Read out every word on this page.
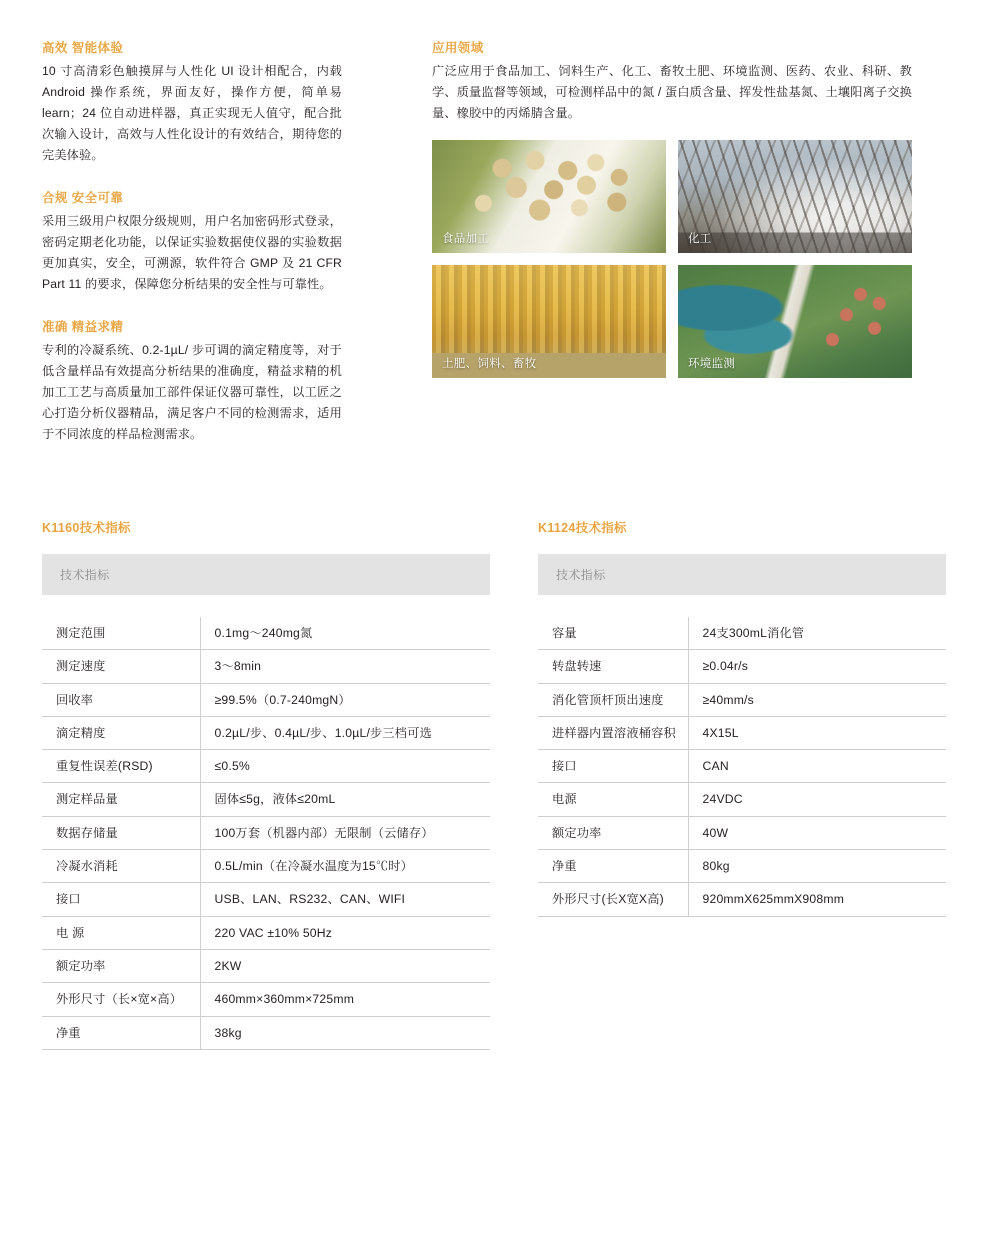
高效 智能体验

10 寸高清彩色触摸屏与人性化 UI 设计相配合，内载 Android 操作系统，界面友好，操作方便，简单易learn；24 位自动进样器，真正实现无人值守，配合批次输入设计，高效与人性化设计的有效结合，期待您的完美体验。

合规 安全可靠

采用三级用户权限分级规则，用户名加密码形式登录，密码定期老化功能，以保证实验数据使仪器的实验数据更加真实，安全，可溯源，软件符合 GMP 及 21 CFR Part 11 的要求，保障您分析结果的安全性与可靠性。

准确 精益求精

专利的冷凝系统、0.2-1µL/ 步可调的滴定精度等，对于低含量样品有效提高分析结果的准确度，精益求精的机加工工艺与高质量加工部件保证仪器可靠性，以工匠之心打造分析仪器精品，满足客户不同的检测需求，适用于不同浓度的样品检测需求。

应用领域

广泛应用于食品加工、饲料生产、化工、畜牧土肥、环境监测、医药、农业、科研、教学、质量监督等领域，可检测样品中的氮 / 蛋白质含量、挥发性盐基氮、土壤阳离子交换量、橡胶中的丙烯腈含量。

食品加工	化工
土肥、饲料、畜牧	环境监测
K1160技术指标
技术指标
测定范围	0.1mg～240mg氮
测定速度	3～8min
回收率	≥99.5%（0.7-240mgN）
滴定精度	0.2µL/步、0.4µL/步、1.0µL/步三档可选
重复性误差(RSD)	≤0.5%
测定样品量	固体≤5g，液体≤20mL
数据存储量	100万套（机器内部）无限制（云储存）
冷凝水消耗	0.5L/min（在冷凝水温度为15℃时）
接口	USB、LAN、RS232、CAN、WIFI
电 源	220 VAC ±10% 50Hz
额定功率	2KW
外形尺寸（长×宽×高）	460mm×360mm×725mm
净重	38kg
K1124技术指标
技术指标
容量	24支300mL消化管
转盘转速	≥0.04r/s
消化管顶杆顶出速度	≥40mm/s
进样器内置溶液桶容积	4X15L
接口	CAN
电源	24VDC
额定功率	40W
净重	80kg
外形尺寸(长X宽X高)	920mmX625mmX908mm
